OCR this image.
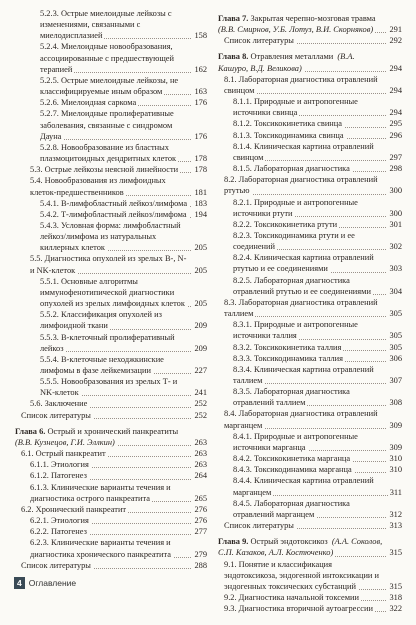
5.2.3. Острые миелоидные лейкозы с изменениями, связанными с миелодисплазией	158
5.2.4. Миелоидные новообразования, ассоциированные с предшествующей терапией	162
5.2.5. Острые миелоидные лейкозы, не классифицируемые иным образом	163
5.2.6. Миелоидная саркома	176
5.2.7. Миелоидные пролиферативные заболевания, связанные с синдромом Дауна	176
5.2.8. Новообразование из бластных плазмоцитоидных дендритных клеток	178
5.3. Острые лейкозы неясной линейности	178
5.4. Новообразования из лимфоидных клеток-предшественников	181
5.4.1. В-лимфобластный лейкоз/лимфома 183
5.4.2. Т-лимфобластный лейкоз/лимфома 194
5.4.3. Условная форма: лимфобластный лейкоз/лимфома из натуральных киллерных клеток	205
5.5. Диагностика опухолей из зрелых В-, N- и NK-клеток	205
5.5.1. Основные алгоритмы иммунофенотипической диагностики опухолей из зрелых лимфоидных клеток	205
5.5.2. Классификация опухолей из лимфоидной ткани	209
5.5.3. В-клеточный пролиферативный лейкоз	209
5.5.4. В-клеточные неходжкинские лимфомы в фазе лейкемизации	227
5.5.5. Новообразования из зрелых Т- и NK-клеток	241
5.6. Заключение	252
Список литературы	252
Глава 6. Острый и хронический панкреатиты (В.В. Кузнецов, Г.И. Эллкин)	263
6.1. Острый панкреатит	263
6.1.1. Этиология	263
6.1.2. Патогенез	264
6.1.3. Клинические варианты течения и диагностика острого панкреатита	265
6.2. Хронический панкреатит	276
6.2.1. Этиология	276
6.2.2. Патогенез	277
6.2.3. Клинические варианты течения и диагностика хронического панкреатита	279
Список литературы	288
Глава 7. Закрытая черепно-мозговая травма (В.В. Смирнов, У.Б. Лотуз, В.И. Скорняков)	291
Список литературы	292
Глава 8. Отравления металлами (В.А. Кашуро, В.Д. Великова)	294
8.1. Лабораторная диагностика отравлений свинцом	294
8.1.1. Природные и антропогенные источники свинца	294
8.1.2. Токсикокинетика свинца	295
8.1.3. Токсикодинамика свинца	296
8.1.4. Клиническая картина отравлений свинцом	297
8.1.5. Лабораторная диагностика	298
8.2. Лабораторная диагностика отравлений ртутью	300
8.2.1. Природные и антропогенные источники ртути	300
8.2.2. Токсикокинетика ртути	301
8.2.3. Токсикодинамика ртути и ее соединений	302
8.2.4. Клиническая картина отравлений ртутью и ее соединениями	303
8.2.5. Лабораторная диагностика отравлений ртутью и ее соединениями	304
8.3. Лабораторная диагностика отравлений таллием	305
8.3.1. Природные и антропогенные источники таллия	305
8.3.2. Токсикокинетика таллия	305
8.3.3. Токсикодинамика таллия	306
8.3.4. Клиническая картина отравлений таллием	307
8.3.5. Лабораторная диагностика отравлений таллием	308
8.4. Лабораторная диагностика отравлений марганцем	309
8.4.1. Природные и антропогенные источники марганца	309
8.4.2. Токсикокинетика марганца	310
8.4.3. Токсикодинамика марганца	310
8.4.4. Клиническая картина отравлений марганцем	311
8.4.5. Лабораторная диагностика отравлений марганцем	312
Список литературы	313
Глава 9. Острый эндотоксикоз (А.А. Соколов, С.П. Казаков, А.Л. Костюченко)	315
9.1. Понятие и классификация эндотоксикоза, эндогенной интоксикации и эндогенных токсических субстанций	315
9.2. Диагностика начальной токсемии	318
9.3. Диагностика вторичной аутоагрессии	322
4 Оглавление
